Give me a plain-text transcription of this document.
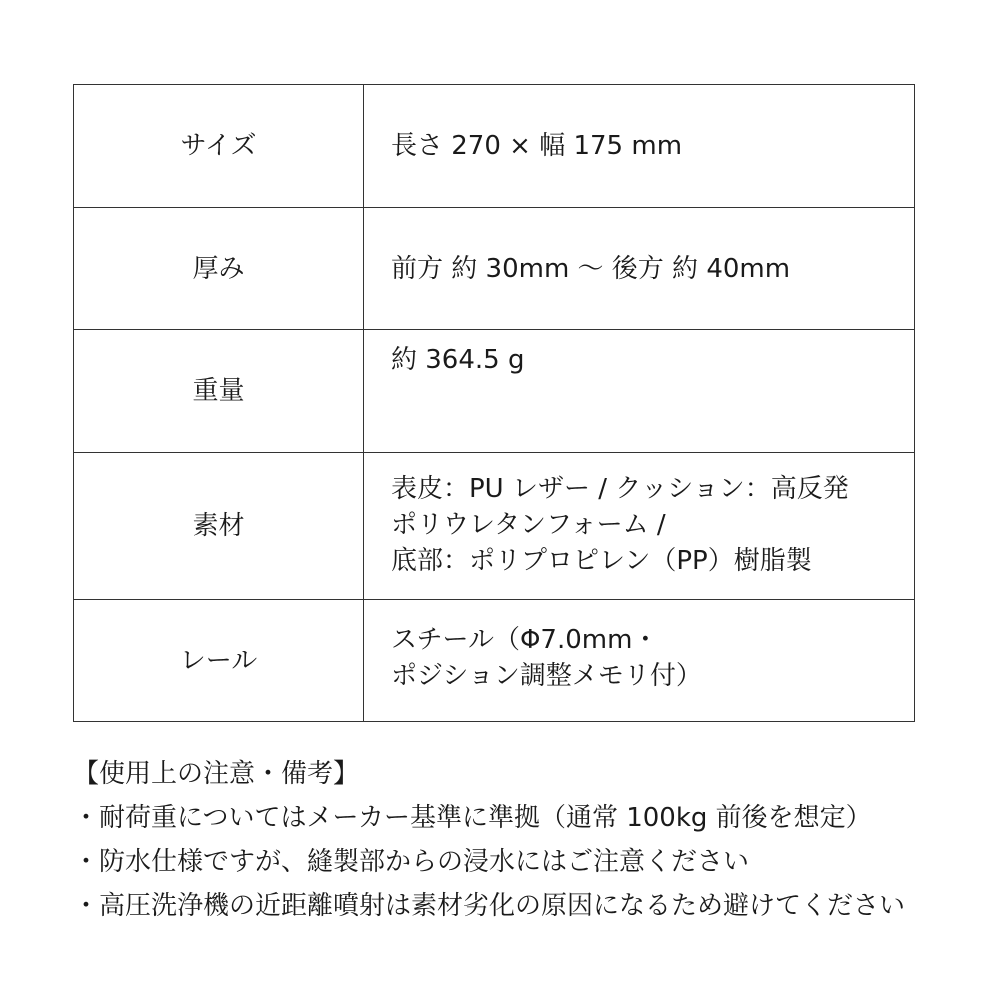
サイズ	長さ 270 × 幅 175 mm

厚み	前方 約 30mm ～ 後方 約 40mm

重量	約 364.5 g

素材	表皮：PU レザー / クッション：高反発
ポリウレタンフォーム /
底部：ポリプロピレン（PP）樹脂製

レール	スチール（Φ7.0mm・
ポジション調整メモリ付）
【使用上の注意・備考】
・耐荷重についてはメーカー基準に準拠（通常 100kg 前後を想定）
・防水仕様ですが、縫製部からの浸水にはご注意ください
・高圧洗浄機の近距離噴射は素材劣化の原因になるため避けてください
